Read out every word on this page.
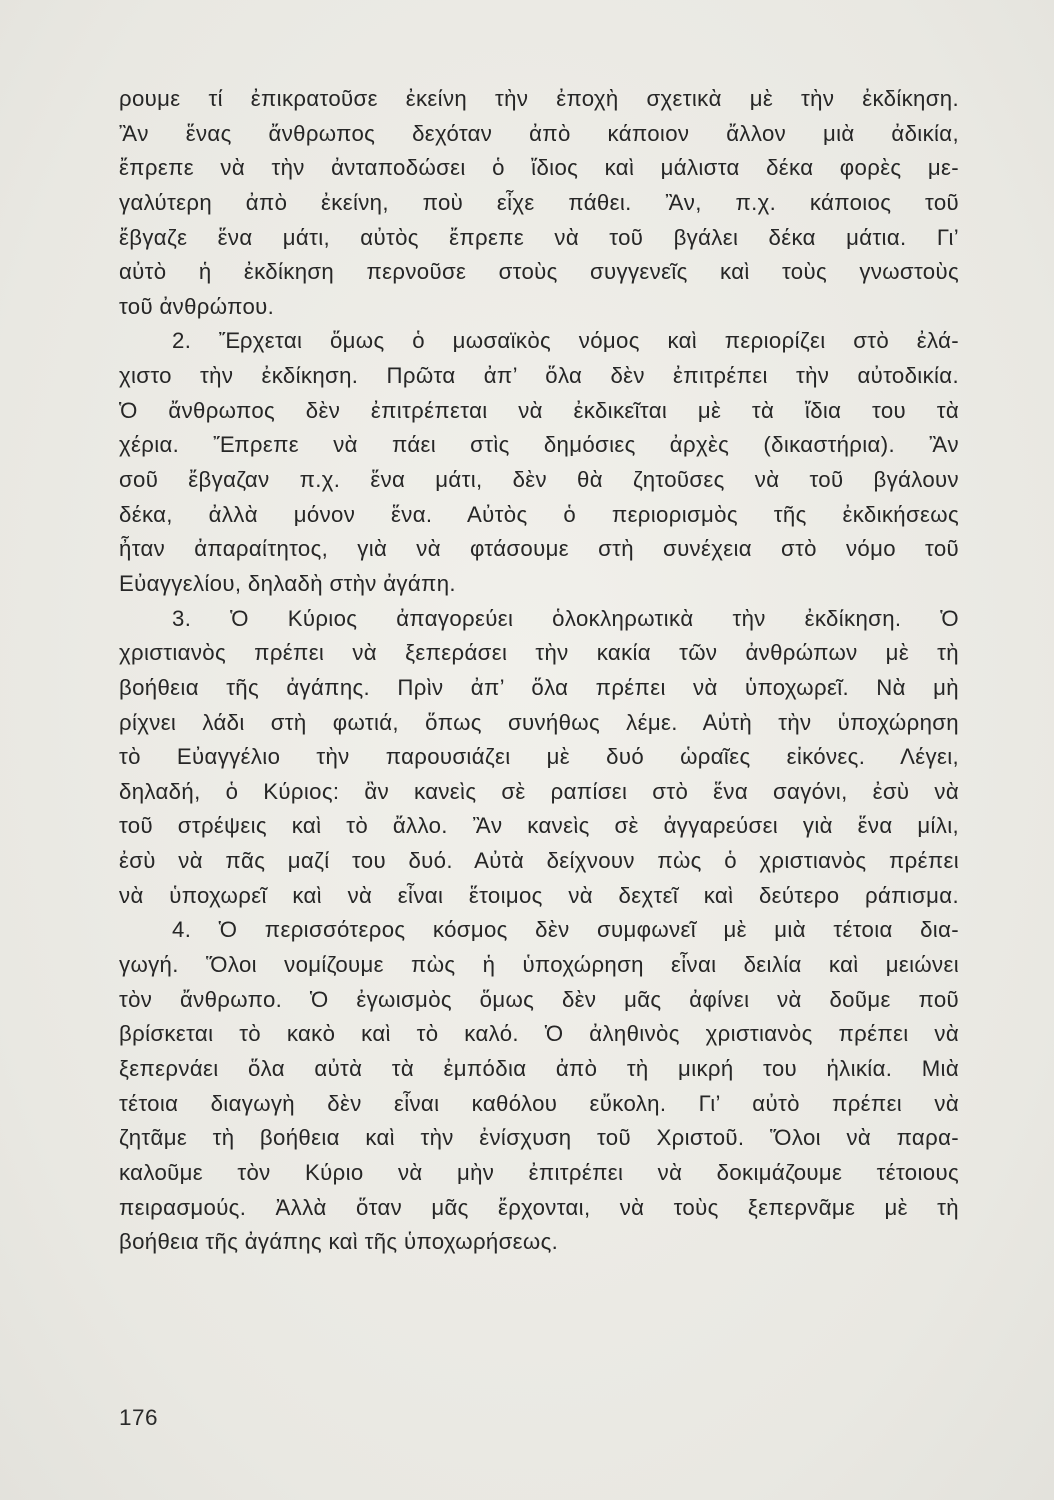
ρουμε τί ἐπικρατοῦσε ἐκείνη τὴν ἐποχὴ σχετικὰ μὲ τὴν ἐκδίκηση.
Ἂν ἕνας ἄνθρωπος δεχόταν ἀπὸ κάποιον ἄλλον μιὰ ἀδικία,
ἔπρεπε νὰ τὴν ἀνταποδώσει ὁ ἴδιος καὶ μάλιστα δέκα φορὲς με-
γαλύτερη ἀπὸ ἐκείνη, ποὺ εἶχε πάθει. Ἂν, π.χ. κάποιος τοῦ
ἔβγαζε ἕνα μάτι, αὐτὸς ἔπρεπε νὰ τοῦ βγάλει δέκα μάτια. Γι’
αὐτὸ ἡ ἐκδίκηση περνοῦσε στοὺς συγγενεῖς καὶ τοὺς γνωστοὺς
τοῦ ἀνθρώπου.
2. Ἔρχεται ὅμως ὁ μωσαϊκὸς νόμος καὶ περιορίζει στὸ ἐλά-
χιστο τὴν ἐκδίκηση. Πρῶτα ἀπ’ ὅλα δὲν ἐπιτρέπει τὴν αὐτοδικία.
Ὁ ἄνθρωπος δὲν ἐπιτρέπεται νὰ ἐκδικεῖται μὲ τὰ ἴδια του τὰ
χέρια. Ἔπρεπε νὰ πάει στὶς δημόσιες ἀρχὲς (δικαστήρια). Ἂν
σοῦ ἔβγαζαν π.χ. ἕνα μάτι, δὲν θὰ ζητοῦσες νὰ τοῦ βγάλουν
δέκα, ἀλλὰ μόνον ἕνα. Αὐτὸς ὁ περιορισμὸς τῆς ἐκδικήσεως
ἦταν ἀπαραίτητος, γιὰ νὰ φτάσουμε στὴ συνέχεια στὸ νόμο τοῦ
Εὐαγγελίου, δηλαδὴ στὴν ἀγάπη.
3. Ὁ Κύριος ἀπαγορεύει ὁλοκληρωτικὰ τὴν ἐκδίκηση. Ὁ
χριστιανὸς πρέπει νὰ ξεπεράσει τὴν κακία τῶν ἀνθρώπων μὲ τὴ
βοήθεια τῆς ἀγάπης. Πρὶν ἀπ’ ὅλα πρέπει νὰ ὑποχωρεῖ. Νὰ μὴ
ρίχνει λάδι στὴ φωτιά, ὅπως συνήθως λέμε. Αὐτὴ τὴν ὑποχώρηση
τὸ Εὐαγγέλιο τὴν παρουσιάζει μὲ δυό ὡραῖες εἰκόνες. Λέγει,
δηλαδή, ὁ Κύριος: ἂν κανεὶς σὲ ραπίσει στὸ ἕνα σαγόνι, ἐσὺ νὰ
τοῦ στρέψεις καὶ τὸ ἄλλο. Ἂν κανεὶς σὲ ἀγγαρεύσει γιὰ ἕνα μίλι,
ἐσὺ νὰ πᾶς μαζί του δυό. Αὐτὰ δείχνουν πὼς ὁ χριστιανὸς πρέπει
νὰ ὑποχωρεῖ καὶ νὰ εἶναι ἕτοιμος νὰ δεχτεῖ καὶ δεύτερο ράπισμα.
4. Ὁ περισσότερος κόσμος δὲν συμφωνεῖ μὲ μιὰ τέτοια δια-
γωγή. Ὅλοι νομίζουμε πὼς ἡ ὑποχώρηση εἶναι δειλία καὶ μειώνει
τὸν ἄνθρωπο. Ὁ ἐγωισμὸς ὅμως δὲν μᾶς ἀφίνει νὰ δοῦμε ποῦ
βρίσκεται τὸ κακὸ καὶ τὸ καλό. Ὁ ἀληθινὸς χριστιανὸς πρέπει νὰ
ξεπερνάει ὅλα αὐτὰ τὰ ἐμπόδια ἀπὸ τὴ μικρή του ἡλικία. Μιὰ
τέτοια διαγωγὴ δὲν εἶναι καθόλου εὔκολη. Γι’ αὐτὸ πρέπει νὰ
ζητᾶμε τὴ βοήθεια καὶ τὴν ἐνίσχυση τοῦ Χριστοῦ. Ὅλοι νὰ παρα-
καλοῦμε τὸν Κύριο νὰ μὴν ἐπιτρέπει νὰ δοκιμάζουμε τέτοιους
πειρασμούς. Ἀλλὰ ὅταν μᾶς ἔρχονται, νὰ τοὺς ξεπερνᾶμε μὲ τὴ
βοήθεια τῆς ἀγάπης καὶ τῆς ὑποχωρήσεως.
176
